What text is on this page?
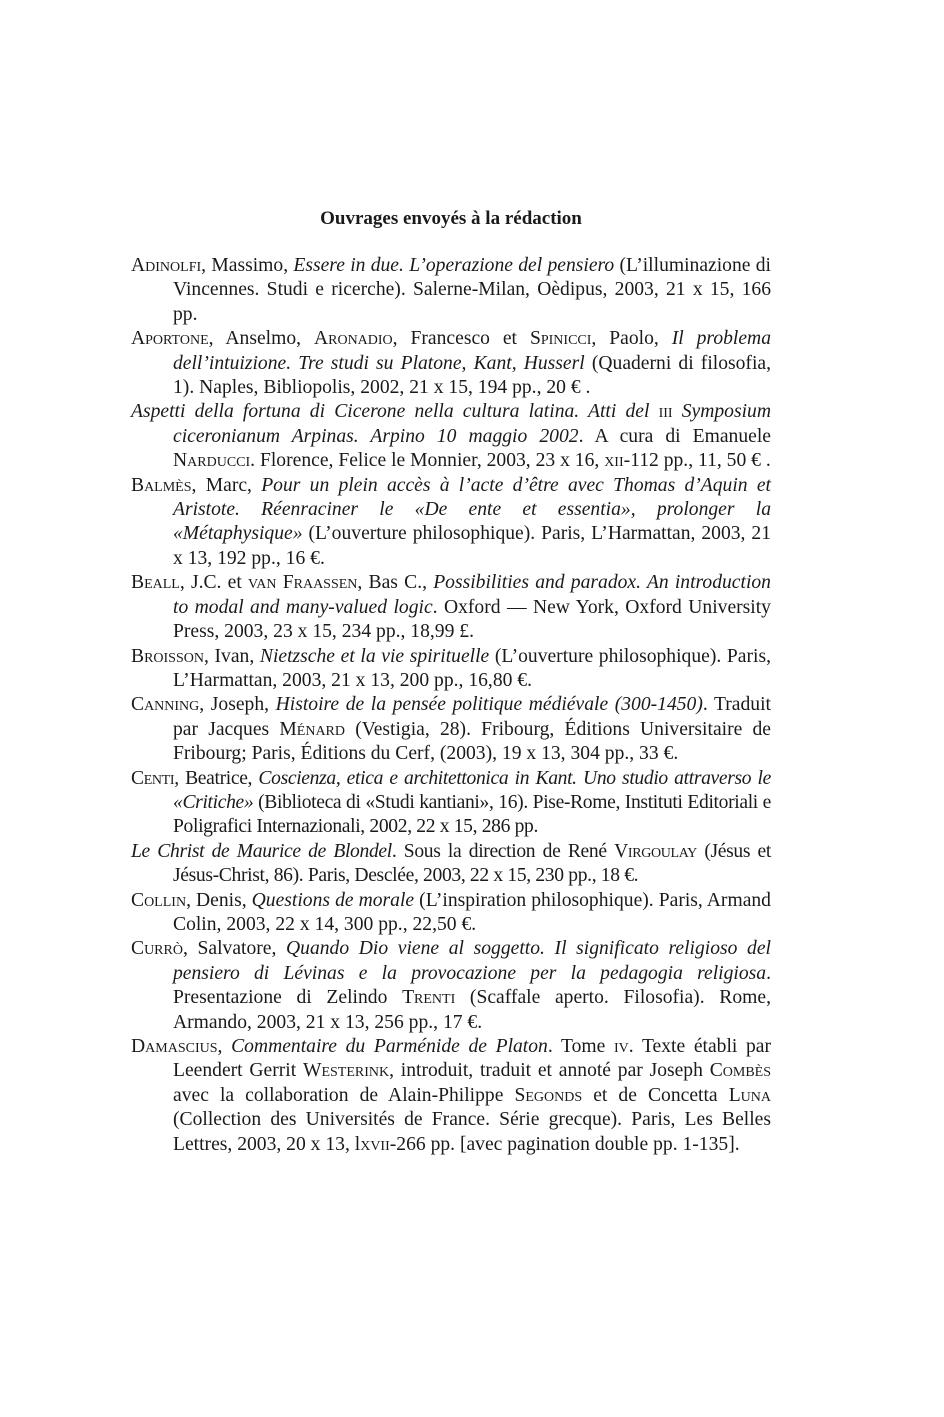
Ouvrages envoyés à la rédaction

Adinolfi, Massimo, Essere in due. L’operazione del pensiero (L’illuminazione di Vincennes. Studi e ricerche). Salerne-Milan, Oèdipus, 2003, 21 x 15, 166 pp.

Aportone, Anselmo, Aronadio, Francesco et Spinicci, Paolo, Il problema dell’intuizione. Tre studi su Platone, Kant, Husserl (Quaderni di filosofia, 1). Naples, Bibliopolis, 2002, 21 x 15, 194 pp., 20 € .

Aspetti della fortuna di Cicerone nella cultura latina. Atti del iii Symposium ciceronianum Arpinas. Arpino 10 maggio 2002. A cura di Emanuele Narducci. Florence, Felice le Monnier, 2003, 23 x 16, xii-112 pp., 11, 50 € .

Balmès, Marc, Pour un plein accès à l’acte d’être avec Thomas d’Aquin et Aristote. Réenraciner le «De ente et essentia», prolonger la «Métaphysique» (L’ouverture philosophique). Paris, L’Harmattan, 2003, 21 x 13, 192 pp., 16 €.

Beall, J.C. et van Fraassen, Bas C., Possibilities and paradox. An introduction to modal and many-valued logic. Oxford — New York, Oxford University Press, 2003, 23 x 15, 234 pp., 18,99 £.

Broisson, Ivan, Nietzsche et la vie spirituelle (L’ouverture philosophique). Paris, L’Harmattan, 2003, 21 x 13, 200 pp., 16,80 €.

Canning, Joseph, Histoire de la pensée politique médiévale (300-1450). Traduit par Jacques Ménard (Vestigia, 28). Fribourg, Éditions Universitaire de Fribourg; Paris, Éditions du Cerf, (2003), 19 x 13, 304 pp., 33 €.

Centi, Beatrice, Coscienza, etica e architettonica in Kant. Uno studio attraverso le «Critiche» (Biblioteca di «Studi kantiani», 16). Pise-Rome, Instituti Editoriali e Poligrafici Internazionali, 2002, 22 x 15, 286 pp.

Le Christ de Maurice de Blondel. Sous la direction de René Virgoulay (Jésus et Jésus-Christ, 86). Paris, Desclée, 2003, 22 x 15, 230 pp., 18 €.

Collin, Denis, Questions de morale (L’inspiration philosophique). Paris, Armand Colin, 2003, 22 x 14, 300 pp., 22,50 €.

Currò, Salvatore, Quando Dio viene al soggetto. Il significato religioso del pensiero di Lévinas e la provocazione per la pedagogia religiosa. Presentazione di Zelindo Trenti (Scaffale aperto. Filosofia). Rome, Armando, 2003, 21 x 13, 256 pp., 17 €.

Damascius, Commentaire du Parménide de Platon. Tome iv. Texte établi par Leendert Gerrit Westerink, introduit, traduit et annoté par Joseph Combès avec la collaboration de Alain-Philippe Segonds et de Concetta Luna (Collection des Universités de France. Série grecque). Paris, Les Belles Lettres, 2003, 20 x 13, lxvii-266 pp. [avec pagination double pp. 1-135].
